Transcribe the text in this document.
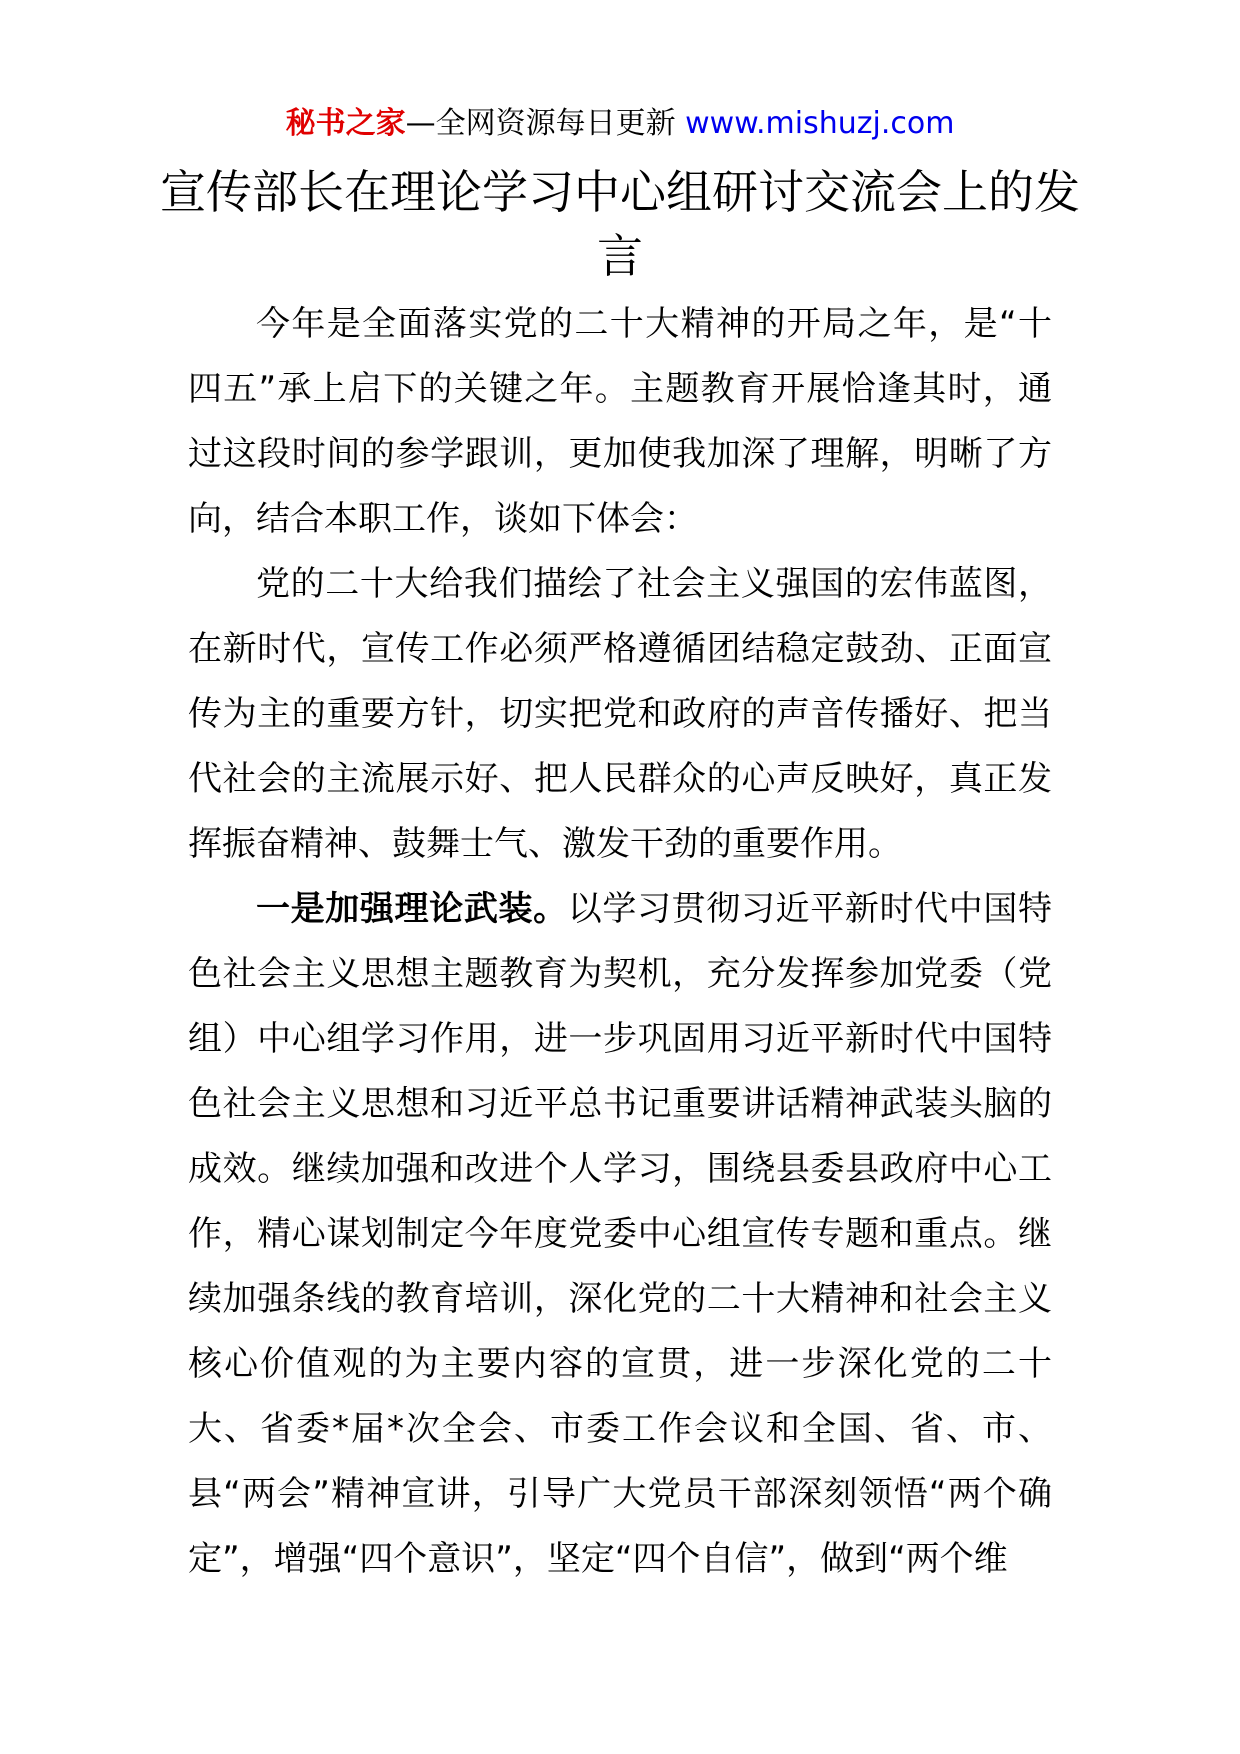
秘书之家—全网资源每日更新 www.mishuzj.com
宣传部长在理论学习中心组研讨交流会上的发言

今年是全面落实党的二十大精神的开局之年，是“十四五”承上启下的关键之年。主题教育开展恰逢其时，通过这段时间的参学跟训，更加使我加深了理解，明晰了方向，结合本职工作，谈如下体会：

党的二十大给我们描绘了社会主义强国的宏伟蓝图，在新时代，宣传工作必须严格遵循团结稳定鼓劲、正面宣传为主的重要方针，切实把党和政府的声音传播好、把当代社会的主流展示好、把人民群众的心声反映好，真正发挥振奋精神、鼓舞士气、激发干劲的重要作用。

一是加强理论武装。以学习贯彻习近平新时代中国特色社会主义思想主题教育为契机，充分发挥参加党委（党组）中心组学习作用，进一步巩固用习近平新时代中国特色社会主义思想和习近平总书记重要讲话精神武装头脑的成效。继续加强和改进个人学习，围绕县委县政府中心工作，精心谋划制定今年度党委中心组宣传专题和重点。继续加强条线的教育培训，深化党的二十大精神和社会主义核心价值观的为主要内容的宣贯，进一步深化党的二十大、省委*届*次全会、市委工作会议和全国、省、市、县“两会”精神宣讲，引导广大党员干部深刻领悟“两个确定”，增强“四个意识”，坚定“四个自信”，做到“两个维
